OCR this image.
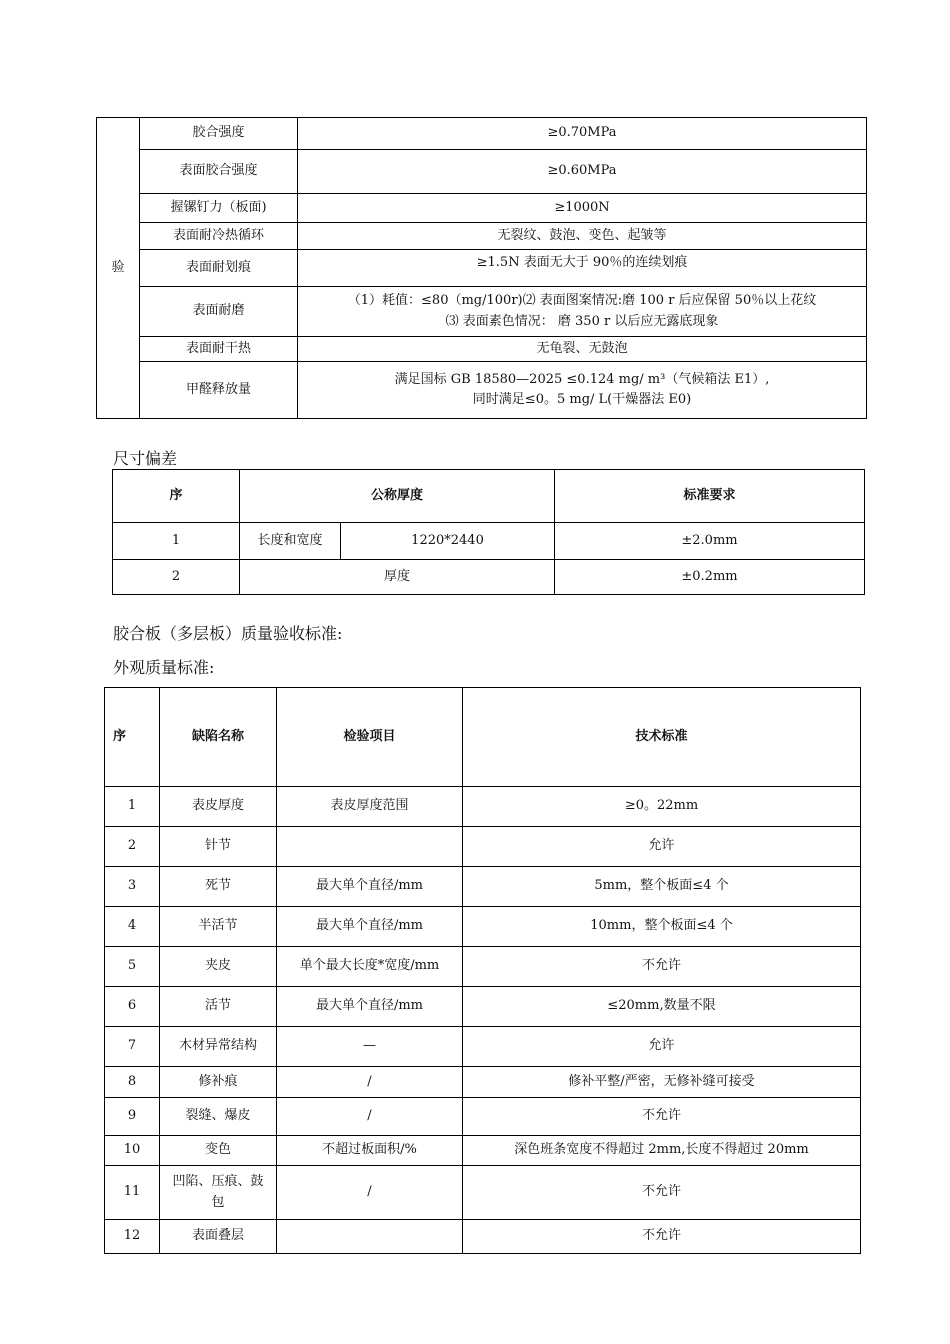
验	胶合强度	≥0.70MPa
	表面胶合强度	≥0.60MPa
	握镙钉力（板面)	≥1000N
	表面耐冷热循环	无裂纹、鼓泡、变色、起皱等
	表面耐划痕	≥1.5N 表面无大于 90％的连续划痕
	表面耐磨	（1）耗值：≤80（mg/100r)⑵ 表面图案情况:磨 100 r 后应保留 50％以上花纹
⑶ 表面素色情况： 磨 350 r 以后应无露底现象

	表面耐干热	无龟裂、无鼓泡
	甲醛释放量	满足国标 GB 18580—2025 ≤0.124 mg/ m³（气候箱法 E1）,
同时满足≤0。5 mg/ L(干燥器法 E0)
尺寸偏差
序	公称厚度		标准要求
1	长度和宽度	1220*2440	±2.0mm
2	厚度		±0.2mm
胶合板（多层板）质量验收标准:
外观质量标准:
序	缺陷名称	检验项目	技术标准
1	表皮厚度	表皮厚度范围	≥0。22mm
2	针节		允许
3	死节	最大单个直径/mm	5mm，整个板面≤4 个
4	半活节	最大单个直径/mm	10mm，整个板面≤4 个
5	夹皮	单个最大长度*宽度/mm	不允许
6	活节	最大单个直径/mm	≤20mm,数量不限
7	木材异常结构	—	允许
8	修补痕	/	修补平整/严密，无修补缝可接受
9	裂缝、爆皮	/	不允许
10	变色	不超过板面积/%	深色班条宽度不得超过 2mm,长度不得超过 20mm
11	凹陷、压痕、鼓包	/	不允许
12	表面叠层		不允许
